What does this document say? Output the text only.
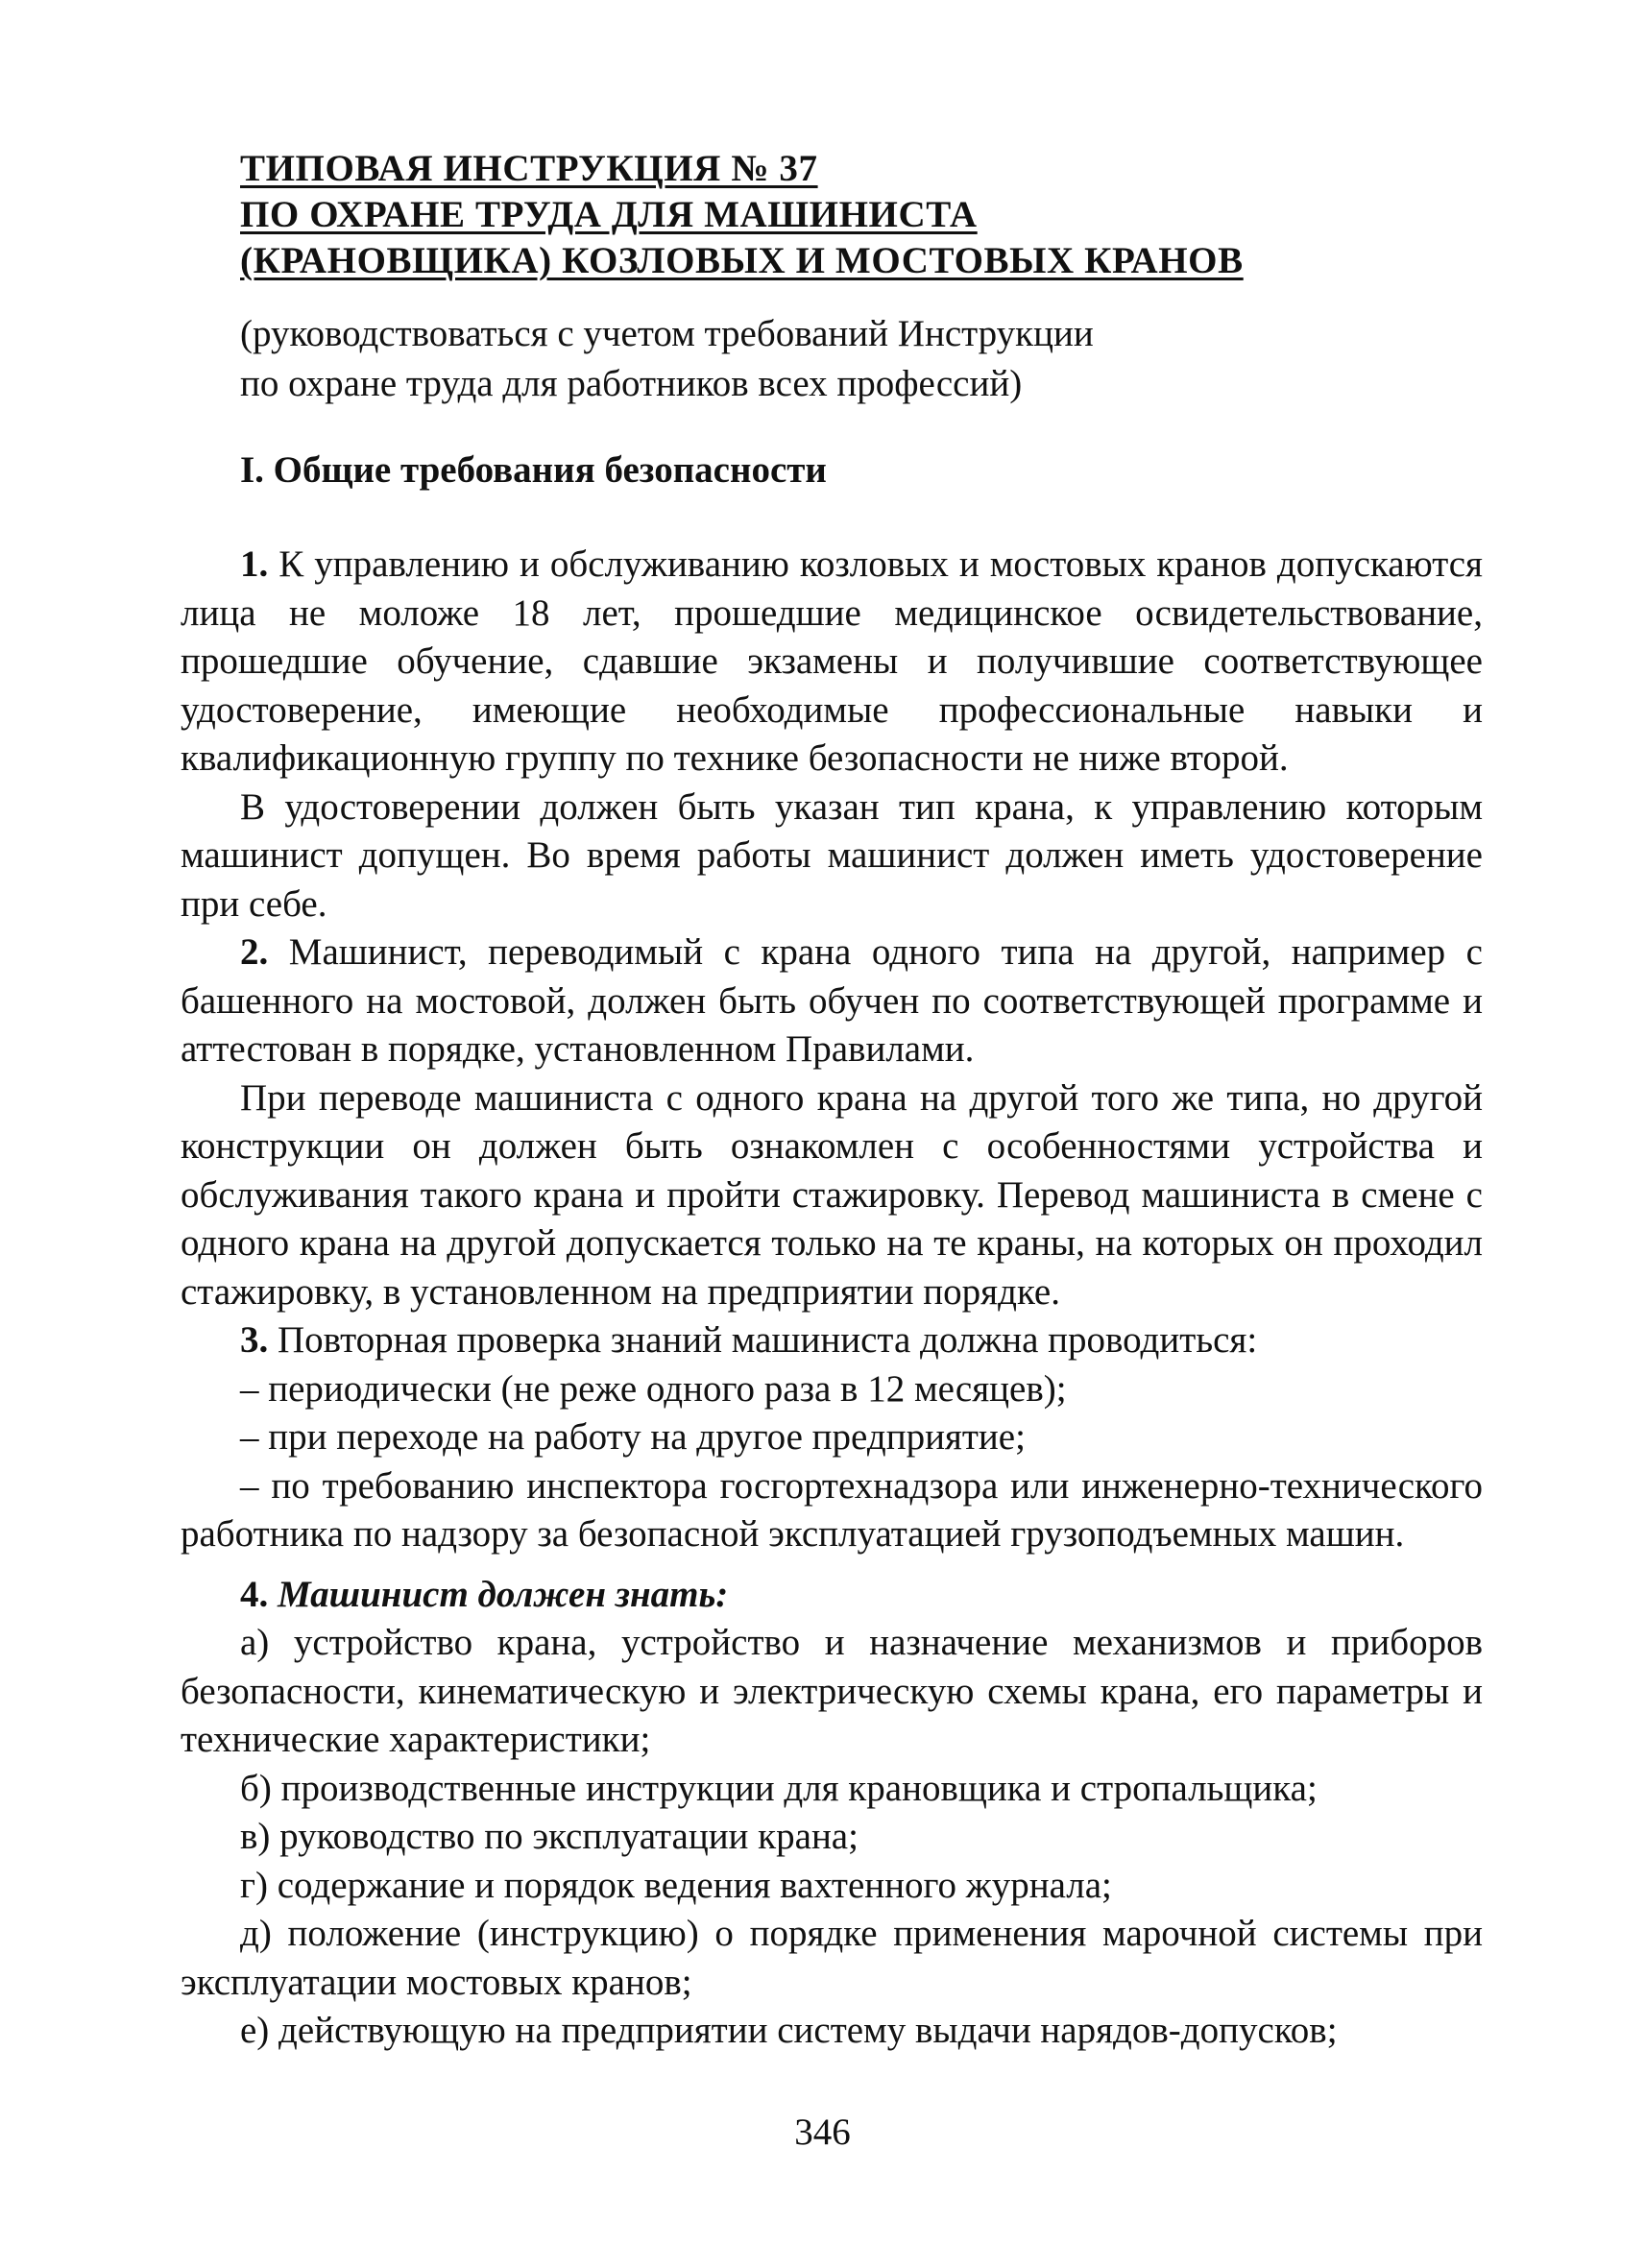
ТИПОВАЯ ИНСТРУКЦИЯ № 37
ПО ОХРАНЕ ТРУДА ДЛЯ МАШИНИСТА
(КРАНОВЩИКА) КОЗЛОВЫХ И МОСТОВЫХ КРАНОВ
(руководствоваться с учетом требований Инструкции
по охране труда для работников всех профессий)
I. Общие требования безопасности

1. К управлению и обслуживанию козловых и мостовых кранов допускаются лица не моложе 18 лет, прошедшие медицинское освидетельствование, прошедшие обучение, сдавшие экзамены и получившие соответствующее удостоверение, имеющие необходимые профессиональные навыки и квалификационную группу по технике безопасности не ниже второй.

В удостоверении должен быть указан тип крана, к управлению которым машинист допущен. Во время работы машинист должен иметь удостоверение при себе.

2. Машинист, переводимый с крана одного типа на другой, например с башенного на мостовой, должен быть обучен по соответствующей программе и аттестован в порядке, установленном Правилами.

При переводе машиниста с одного крана на другой того же типа, но другой конструкции он должен быть ознакомлен с особенностями устройства и обслуживания такого крана и пройти стажировку. Перевод машиниста в смене с одного крана на другой допускается только на те краны, на которых он проходил стажировку, в установленном на предприятии порядке.

3. Повторная проверка знаний машиниста должна проводиться:

– периодически (не реже одного раза в 12 месяцев);

– при переходе на работу на другое предприятие;

– по требованию инспектора госгортехнадзора или инженерно-технического работника по надзору за безопасной эксплуатацией грузоподъемных машин.

4. Машинист должен знать:

а) устройство крана, устройство и назначение механизмов и приборов безопасности, кинематическую и электрическую схемы крана, его параметры и технические характеристики;

б) производственные инструкции для крановщика и стропальщика;

в) руководство по эксплуатации крана;

г) содержание и порядок ведения вахтенного журнала;

д) положение (инструкцию) о порядке применения марочной системы при эксплуатации мостовых кранов;

е) действующую на предприятии систему выдачи нарядов-допусков;

346
